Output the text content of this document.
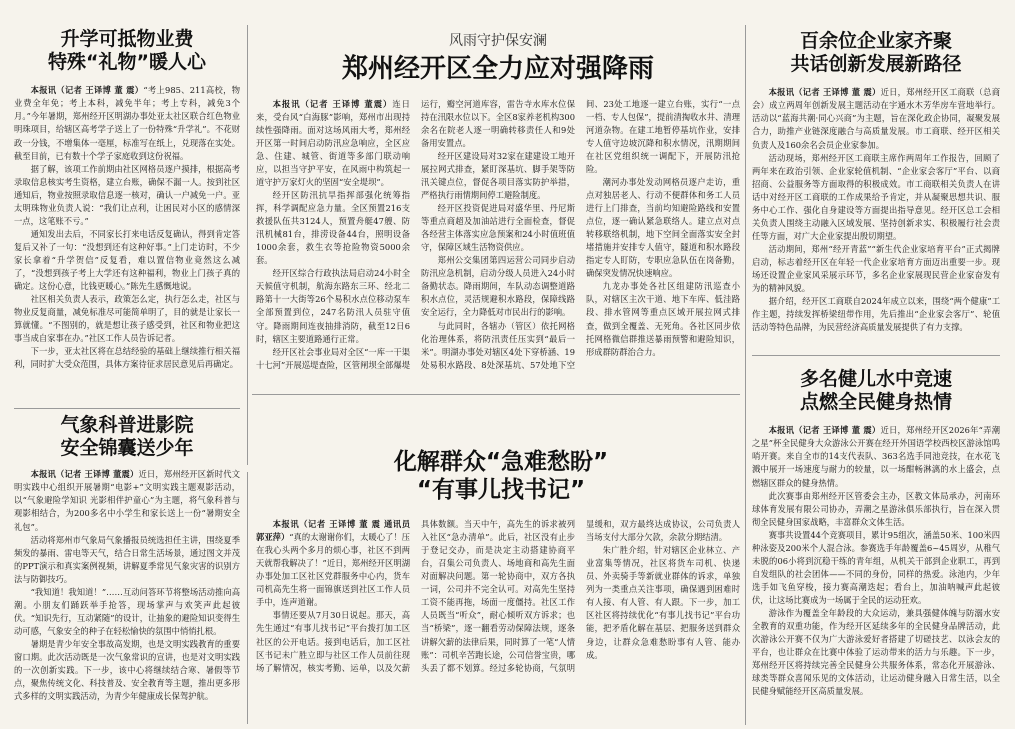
升学可抵物业费
特殊“礼物”暖人心

本报讯（记者 王译博 董 震）“考上985、211高校，物业费全年免；考上本科，减免半年；考上专科，减免3个月。”今年暑期，郑州经开区明湖办事处亚太社区联合红色物业明珠项目，给辖区高考学子送上了一份特殊“升学礼”。不花财政一分钱，不增集体一毫厘，标准写在纸上，兑现落在实处。截至目前，已有数十个学子家庭收到这份祝福。

据了解，该项工作前期由社区网格员逐户摸排，根据高考录取信息核实考生资格，建立台账，确保不漏一人。按到社区通知后，物业按照录取信息逐一核对，确认一户减免一户。亚太明珠物业负责人说：“我们让点利，让困民对小区的感情深一点，这笔账不亏。”

通知发出去后，不同家长打来电话反复确认，得到肯定答复后又补了一句：“没想到还有这种好事。”上门走访时，不少家长拿着“升学贺信”反复看，难以置信物业竟然这么减了，“没想到孩子考上大学还有这种福利，物业上门孩子真的确定。这份心意，比钱更暖心。”陈先生感慨地说。

社区相关负责人表示，政策怎么定，执行怎么走，社区与物业反复商量，减免标准尽可能简单明了，目的就是让家长一算就懂。“不图别的，就是想让孩子感受到，社区和物业把这事当成自家事在办。”社区工作人员告诉记者。

下一步，亚太社区将在总结经验的基础上继续推行相关福利，同时扩大受众范围，具体方案待征求居民意见后再确定。

气象科普进影院
安全锦囊送少年

本报讯（记者 王译博 董震）近日，郑州经开区新时代文明实践中心组织开展暑期“电影+”文明实践主题观影活动，以“气象避险学知识 光影相伴护童心”为主题，将气象科普与观影相结合，为200多名中小学生和家长送上一份“暑期安全礼包”。

活动将郑州市气象局气象播报员统选担任主讲，围绕夏季频发的暴雨、雷电等天气，结合日常生活场景，通过图文并茂的PPT演示和真实案例视频，讲解夏季常见气象灾害的识别方法与防御技巧。

“我知道！我知道！”……互动问答环节将整场活动推向高潮。小朋友们踊跃举手抢答，现场掌声与欢笑声此起彼伏。“知识先行，互动紧随”的设计，让抽象的避险知识变得生动可感，气象安全的种子在轻松愉快的氛围中悄悄扎根。

暑期是青少年安全事故高发期，也是文明实践教育的重要窗口期。此次活动既是一次气象常识的宣讲，也是对文明实践的一次创新实践。下一步，该中心将继续结合寒、暑假等节点，聚焦传统文化、科技普及、安全教育等主题，推出更多形式多样的文明实践活动，为青少年健康成长保驾护航。

风雨守护保安澜

郑州经开区全力应对强降雨

本报讯（记者 王译博 董震）连日来，受台风“白海豚”影响，郑州市出现持续性强降雨。面对这场风雨大考，郑州经开区第一时间启动防汛应急响应，全区应急、住建、城管、街道等多部门联动响应，以担当守护平安，在风雨中构筑起一道守护万家灯火的坚固“安全堤坝”。

经开区防汛抗旱指挥部强化统筹指挥，科学调配应急力量。全区预置216支救援队伍共3124人，预置舟艇47艘、防汛机械81台，排涝设备44台，照明设备1000余套，救生衣等抢险物资5000余套。

经开区综合行政执法局启动24小时全天候值守机制，航海东路东三环、经北二路第十一大街等26个易积水点位移动泵车全部预置到位，247名防汛人员驻守值守。降雨期间连夜抽排消防，截至12日6时，辖区主要道路通行正常。

经开区社会事业局对全区“一库一干渠十七河”开展巡堤查险，区管闸坝全部爆堤运行，瓣空河道库容，雷告寺水库水位保持在汛限水位以下。全区8家养老机构300余名在院老人逐一明确转移责任人和9处备用安置点。

经开区建设局对32家在建建设工地开展拉网式排查，紧盯深基坑、脚手架等防汛关键点位，督促各项目落实防护举措，严格执行雨情期间停工避险制度。

经开区投资促进局对盛华里、丹尼斯等重点商超及加油站进行全面检查，督促各经营主体落实应急预案和24小时值班值守，保障区域生活物资供应。

郑州公交集团第四运营公司同步启动防汛应急机制，启动分级人员进入24小时备勤状态。降雨期间，车队动态调整道路积水点位，灵活规避积水路段，保障线路安全运行，全力降低对市民出行的影响。

与此同时，各辖办（管区）依托网格化治理体系，将防汛责任压实到“最后一米”。明湖办事处对辖区4处下穿桥涵、19处易积水路段、8处深基坑、57处地下空间、23处工地逐一建立台账，实行“一点一档、专人包保”，提前清掏收水井、清理河道杂物。在建工地暂停基坑作业，安排专人值守边坡沉降和积水情况，汛期期间在社区党组织统一调配下，开展防汛抢险。

潮河办事处发动网格员逐户走访，重点对独居老人、行动不便群体和务工人员进行上门排查，当前均知避险路线和安置点位，逐一确认紧急联络人。建立点对点转移联络机制，地下空间全面落实安全封堵措施并安排专人值守，隧道和积水路段指定专人盯防，专职应急队伍在岗备勤，确保突发情况快速响应。

九龙办事处各社区组建防汛巡查小队，对辖区主次干道、地下车库、低洼路段、排水管网等重点区域开展拉网式排查，做到全覆盖、无死角。各社区同步依托网格微信群推送暴雨预警和避险知识，形成群防群治合力。

化解群众“急难愁盼”
“有事儿找书记”

本报讯（记者 王译博 董 震 通讯员 郭亚萍）“真的太谢谢你们，太暖心了！压在我心头两个多月的烦心事，社区不到两天就帮我解决了！”近日，郑州经开区明湖办事处加工区社区党群服务中心内，货车司机高先生将一面锦旗送到社区工作人员手中，连声道谢。

事情还要从7月30日说起。那天，高先生通过“有事儿找书记”平台拨打加工区社区的公开电话。接到电话后，加工区社区书记未广胜立即与社区工作人员前往现场了解情况，核实考勤、运单，以及欠薪具体数额。当天中午，高先生的诉求被列入社区“急办清单”。此后，社区没有止步于登记交办，而是决定主动搭建协商平台，召集公司负责人、场地商和高先生面对面解决问题。第一轮协商中，双方各执一词，公司并不完全认可。对高先生坚持工资不能再拖，场面一度僵持。社区工作人员既当“听众”，耐心倾听双方诉求；也当“桥梁”，逐一翻看劳动保障法规，逐条讲解欠薪的法律后果，同时算了一笔“人情账”：司机辛苦跑长途，公司信誉宝贵，哪头丢了都不划算。经过多轮协商，气氛明显缓和，双方最终达成协议，公司负责人当场支付大部分欠款，余款分期结清。

朱广胜介绍，针对辖区企业林立、产业富集等情况，社区将货车司机、快递员、外卖骑手等新就业群体的诉求，单独列为一类重点关注事项，确保遇到困难时有人接、有人管、有人跟。下一步，加工区社区将持续优化“有事儿找书记”平台功能，把矛盾化解在基层、把服务送到群众身边，让群众急难愁盼事有人管、能办成。

百余位企业家齐聚
共话创新发展新路径

本报讯（记者 王译博 董 震）近日，郑州经开区工商联（总商会）成立两周年创新发展主题活动在宇通水木芳华房车营地举行。活动以“蓝海共潮·同心兴商”为主题，旨在深化政企协同，凝聚发展合力，助推产业链深度融合与高质量发展。市工商联、经开区相关负责人及160余名会员企业家参加。

活动现场，郑州经开区工商联主席作两周年工作报告，回顾了两年来在政治引领、企业家轮值机制、“企业家会客厅”平台、以商招商、公益服务等方面取得的积极成效。市工商联相关负责人在讲话中对经开区工商联的工作成果给予肯定，并从凝聚思想共识、服务中心工作、强化自身建设等方面提出指导意见。经开区总工会相关负责人围绕主动融入区域发展、坚持创新求实、积极履行社会责任等方面，对广大企业家提出殷切期望。

活动期间，郑州“经开青蓝”“新生代企业家培育平台”正式揭牌启动，标志着经开区在年轻一代企业家培育方面迈出重要一步。现场还设置企业家风采展示环节，多名企业家展现民营企业家奋发有为的精神风貌。

据介绍，经开区工商联自2024年成立以来，围绕“两个健康”工作主题，持续发挥桥梁纽带作用，先后推出“企业家会客厅”、轮值活动等特色品牌，为民营经济高质量发展提供了有力支撑。

多名健儿水中竞速
点燃全民健身热情

本报讯（记者 王译博 董 震）近日，郑州经开区2026年“弄潮之星”杯全民健身大众游泳公开赛在经开外国语学校西校区游泳馆鸣哨开赛。来自全市的14支代表队、363名选手同池竞技，在水花飞溅中展开一场速度与耐力的较量，以一场酣畅淋漓的水上盛会，点燃辖区群众的健身热情。

此次赛事由郑州经开区管委会主办，区教文体局承办，河南环球体育发展有限公司协办，弄潮之星游泳俱乐部执行，旨在深入贯彻全民健身国家战略，丰富群众文体生活。

赛事共设置44个竞赛项目，累计95组次，涵盖50米、100米四种泳姿及200米个人混合泳。参赛选手年龄覆盖6~45周岁，从稚气未脱的06小将到沉稳干练的青年组，从机关干部到企业职工，再到自发组队的社会团体——不同的身份，同样的热爱。泳池内，少年选手如飞鱼穿梭，接力赛高潮迭起；看台上，加油呐喊声此起彼伏，让这场比赛成为一场属于全民的运动狂欢。

游泳作为覆盖全年龄段的大众运动，兼具强健体魄与防溺水安全教育的双重功能，作为经开区延续多年的全民健身品牌活动，此次游泳公开赛不仅为广大游泳爱好者搭建了切磋技艺、以泳会友的平台，也让群众在比赛中体验了运动带来的活力与乐趣。下一步，郑州经开区将持续完善全民健身公共服务体系，常态化开展游泳、球类等群众喜闻乐见的文体活动，让运动健身融入日常生活，以全民健身赋能经开区高质量发展。
